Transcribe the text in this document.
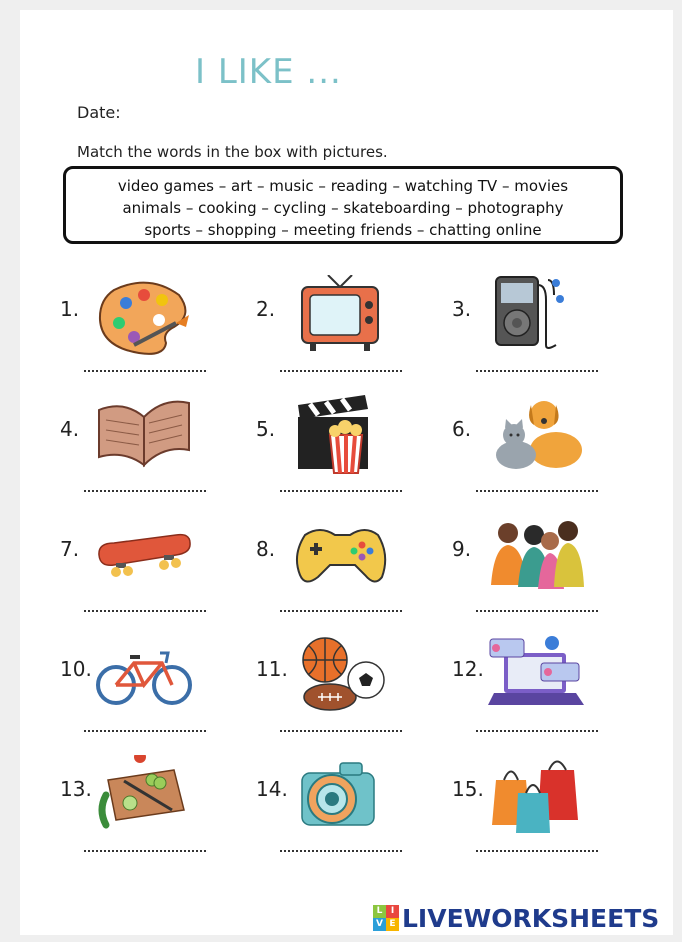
I LIKE ...
Date:
Match the words in the box with pictures.
video games – art – music – reading – watching TV – movies
animals – cooking – cycling – skateboarding – photography
sports – shopping – meeting friends – chatting online
1.	2.	3.
4.	5.	6.
7.	8.	9.
10.	11.	12.
13.	14.	15.
L I
V E LIVEWORKSHEETS
